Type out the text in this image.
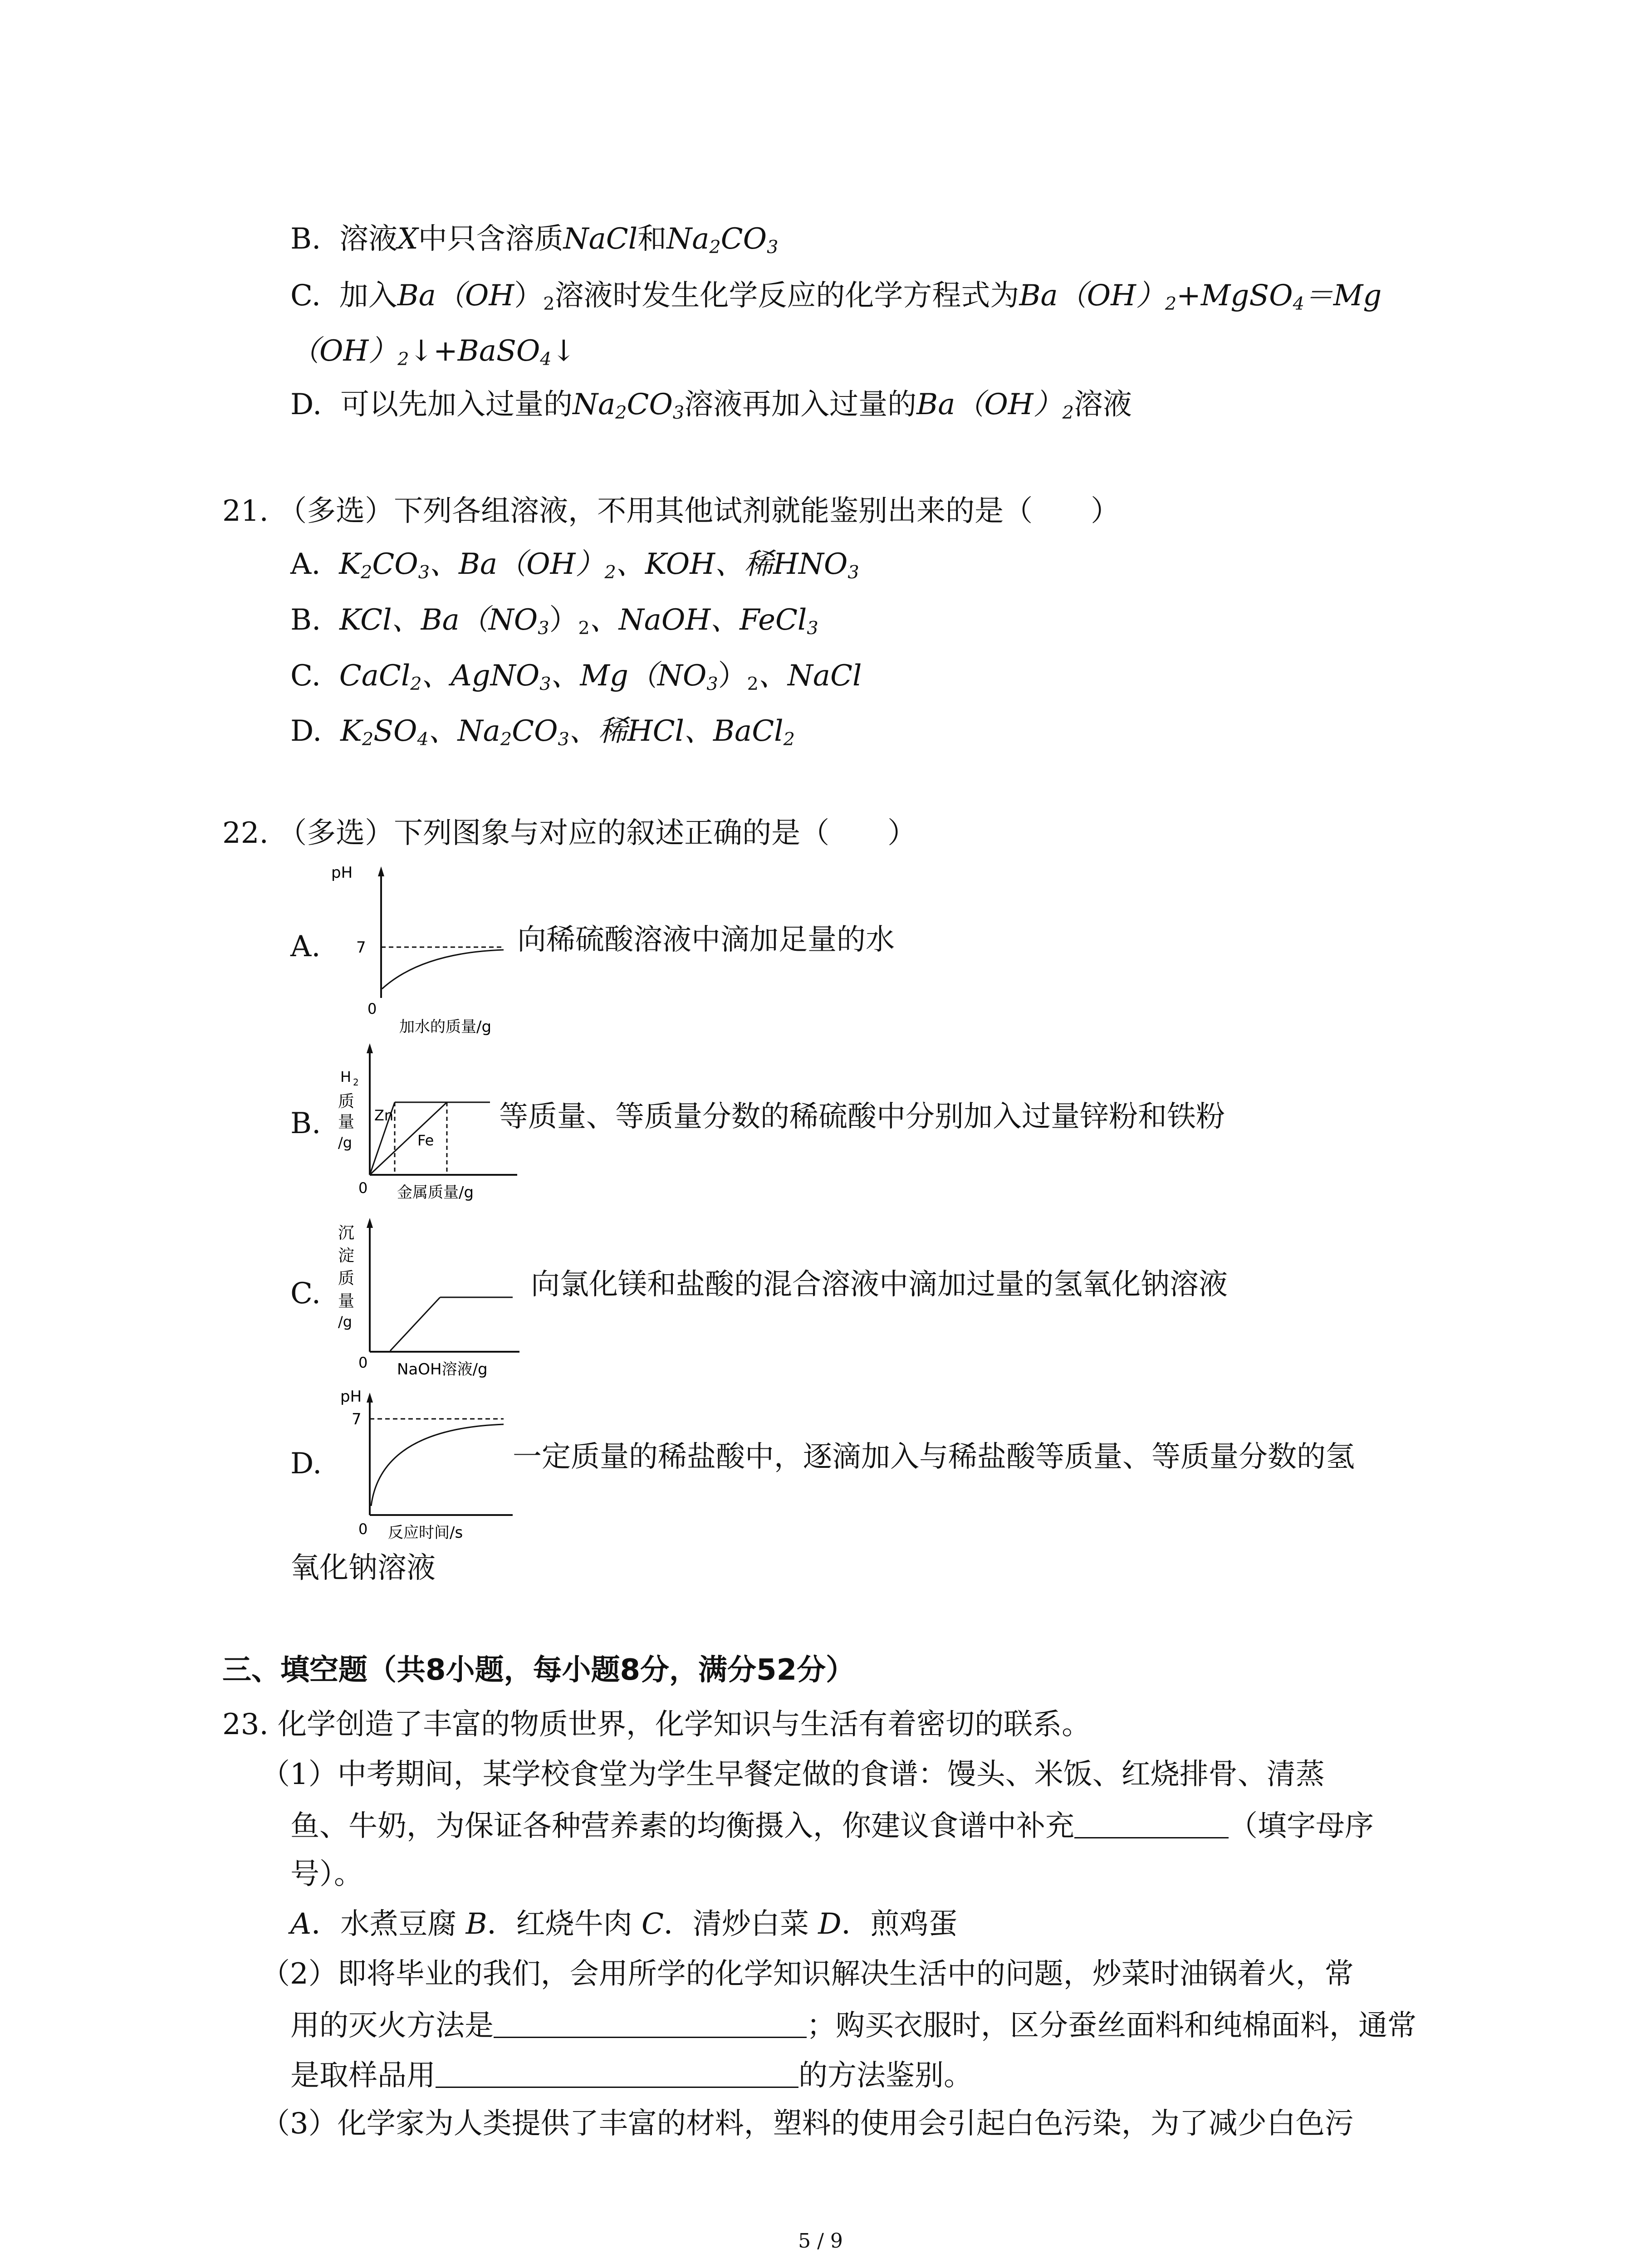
B. 溶液X中只含溶质NaCl和$Na_2CO_3$
C. 加入$Ba(OH)_2$溶液时发生化学反应的化学方程式为$Ba(OH)_2+MgSO_4=Mg$
$(OH)_2↓+BaSO_4↓$
D. 可以先加入过量的$Na_2CO_3$溶液再加入过量的$Ba(OH)_2$溶液
21. （多选）下列各组溶液，不用其他试剂就能鉴别出来的是（　　）
A. $K_2CO_3$、$Ba(OH)_2$、KOH、稀$HNO_3$
B. KCl、$Ba(NO_3)_2$、NaOH、FeCl$_3$
C. CaCl$_2$、AgNO$_3$、$Mg(NO_3)_2$、NaCl
D. $K_2SO_4$、$Na_2CO_3$、稀HCl、BaCl$_2$
22. （多选）下列图象与对应的叙述正确的是（　　）
A.
pH
7
0
加水的质量/g
向稀硫酸溶液中滴加足量的水
B.
H 2
质
量
/g
Zn
Fe
0 金属质量/g
等质量、等质量分数的稀硫酸中分别加入过量锌粉和铁粉
C.
沉
淀
质
量
/g
0 NaOH溶液/g
向氯化镁和盐酸的混合溶液中滴加过量的氢氧化钠溶液
D.
pH
7
0 反应时间/s
一定质量的稀盐酸中，逐滴加入与稀盐酸等质量、等质量分数的氢
氧化钠溶液
三、填空题（共8小题，每小题8分，满分52分）
23. 化学创造了丰富的物质世界，化学知识与生活有着密切的联系。
（1）中考期间，某学校食堂为学生早餐定做的食谱：馒头、米饭、红烧排骨、清蒸
鱼、牛奶，为保证各种营养素的均衡摄入，你建议食谱中补充	（填字母序
号）。
A．水煮豆腐 B．红烧牛肉 C．清炒白菜 D．煎鸡蛋
（2）即将毕业的我们，会用所学的化学知识解决生活中的问题，炒菜时油锅着火，常
用的灭火方法是	；购买衣服时，区分蚕丝面料和纯棉面料，通常
是取样品用	的方法鉴别。
（3）化学家为人类提供了丰富的材料，塑料的使用会引起白色污染，为了减少白色污
5 / 9
